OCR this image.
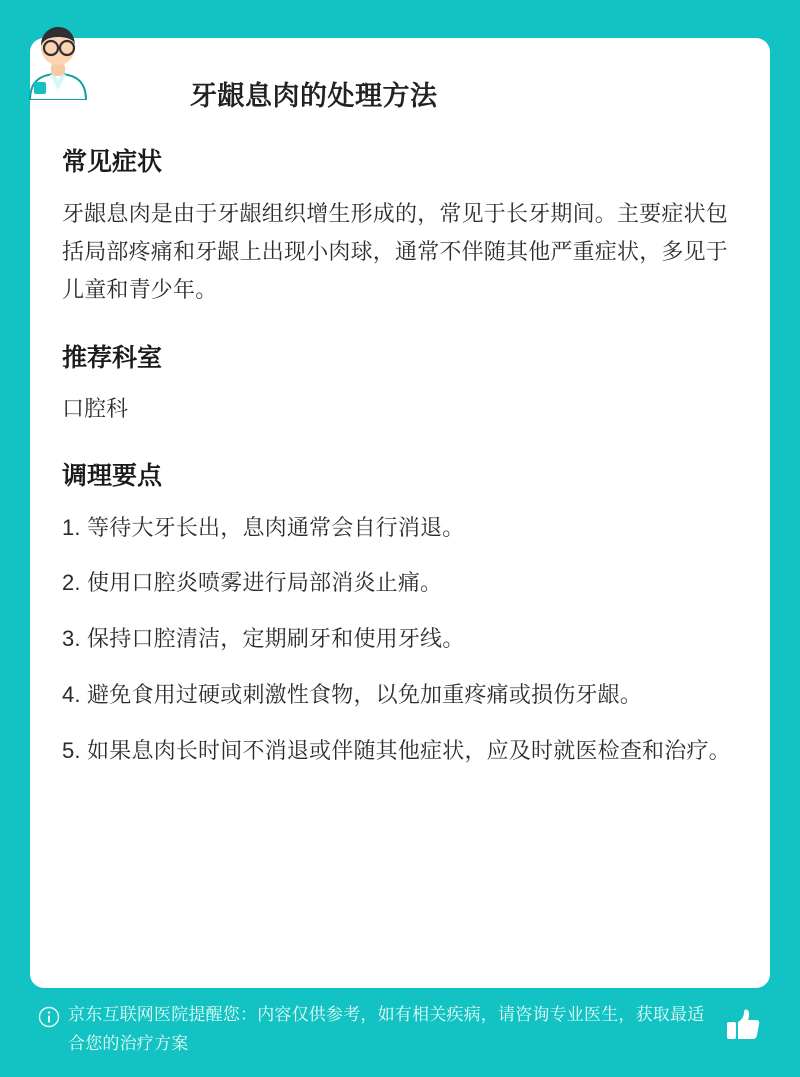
牙龈息肉的处理方法
常见症状

牙龈息肉是由于牙龈组织增生形成的，常见于长牙期间。主要症状包括局部疼痛和牙龈上出现小肉球，通常不伴随其他严重症状，多见于儿童和青少年。

推荐科室

口腔科

调理要点
1. 等待大牙长出，息肉通常会自行消退。
2. 使用口腔炎喷雾进行局部消炎止痛。
3. 保持口腔清洁，定期刷牙和使用牙线。
4. 避免食用过硬或刺激性食物，以免加重疼痛或损伤牙龈。
5. 如果息肉长时间不消退或伴随其他症状，应及时就医检查和治疗。
京东互联网医院提醒您：内容仅供参考，如有相关疾病，请咨询专业医生，获取最适合您的治疗方案
